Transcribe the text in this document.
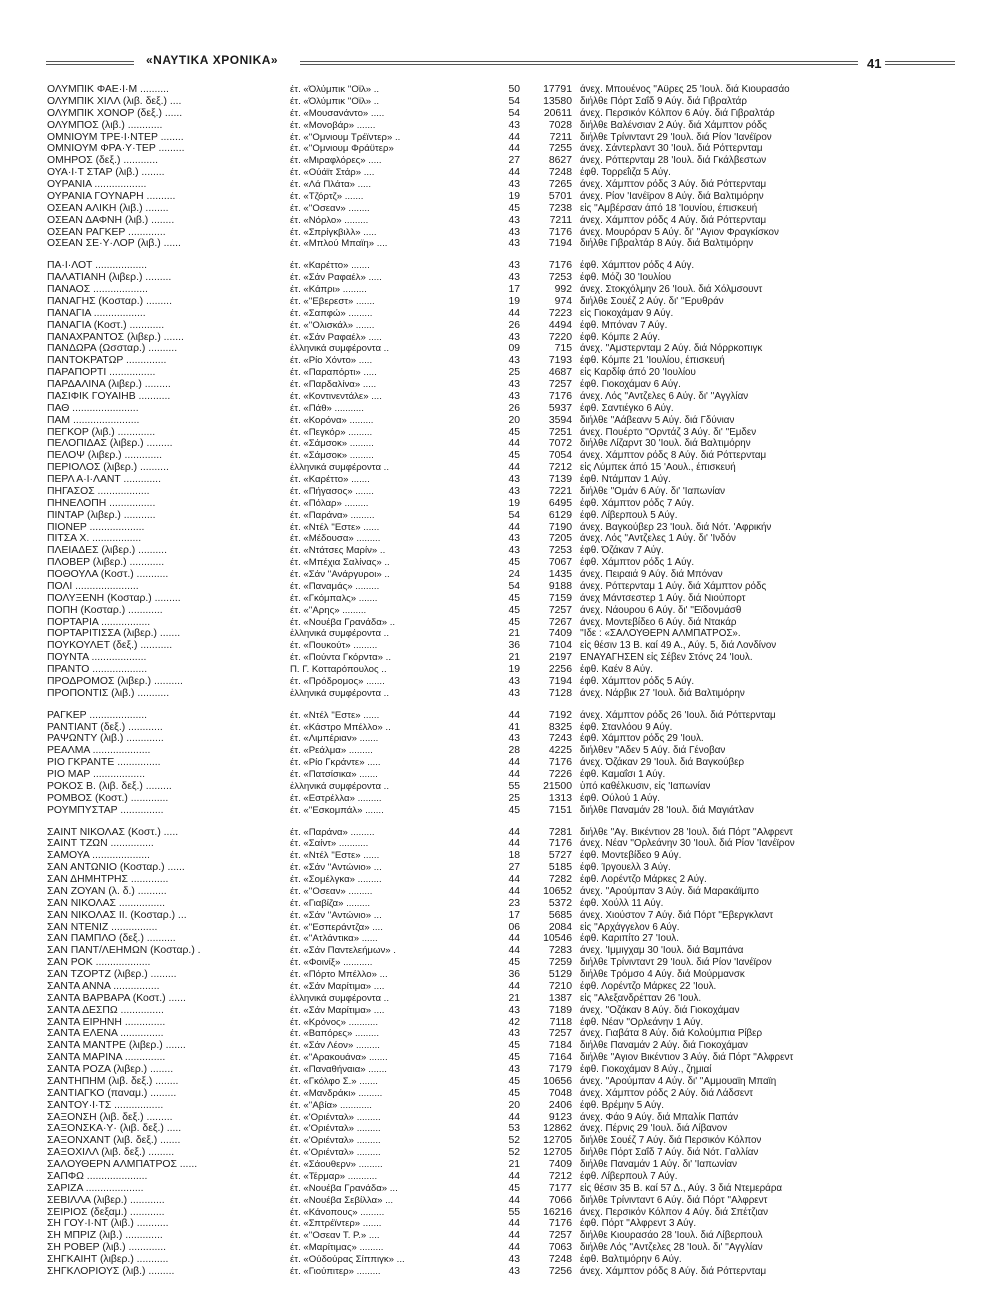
«ΝΑΥΤΙΚΑ ΧΡΟΝΙΚΑ»	41
ΟΛΥΜΠΙΚ ΦΑΕ·Ι·Μ ..........	έτ. «Όλύμπικ ''Οϊλ» ..	50	17791 άνεχ. Μπουένος ''Αϋρες 25 'Ιουλ. διά Κιουρασάο
ΟΛΥΜΠΙΚ ΧΙΛΛ (λιβ. δεξ.) ....	έτ. «Όλύμπικ ''Οϊλ» ..	54	13580 διήλθε Πόρτ Σαΐδ 9 Αύγ. διά Γιβραλτάρ
ΟΛΥΜΠΙΚ ΧΟΝΟΡ (δεξ.) ......	έτ. «Μουσανάντο» .....	54	20611 άνεχ. Περσικόν Κόλπον 6 Αύγ. διά Γιβραλτάρ
ΟΛΥΜΠΟΣ (λιβ.) ............	έτ. «Μονοβάρ» .......	43	7028 διήλθε Βαλένσιαν 2 Αύγ. διά Χάμπτον ρόδς
ΟΜΝΙΟΥΜ ΤΡΕ·Ι·ΝΤΕΡ ........	έτ. «''Ομνιουμ Τρέϊντερ» ..	44	7211 διήλθε Τρίνινταντ 29 'Ιουλ. διά Ρίον 'Ιανέϊρον
ΟΜΝΙΟΥΜ ΦΡΑ·Υ·ΤΕΡ .........	έτ. «''Ομνιουμ Φράϋτερ»	44	7255 άνεχ. Σάντερλαντ 30 'Ιουλ. διά Ρόττερνταμ
ΟΜΗΡΟΣ (δεξ.) ............	έτ. «Μιραφλόρες» .....	27	8627 άνεχ. Ρόττερνταμ 28 'Ιουλ. διά Γκάλβεστων
ΟΥΑ·Ι·Τ ΣΤΑΡ (λιβ.) ........	έτ. «Ούάϊτ Στάρ» ....	44	7248 έφθ. Τορρεΐιζα 5 Αύγ.
ΟΥΡΑΝΙΑ ..................	έτ. «Λά Πλάτα» .....	43	7265 άνεχ. Χάμπτον ρόδς 3 Αύγ. διά Ρόττερνταμ
ΟΥΡΑΝΙΑ ΓΟΥΝΑΡΗ ..........	έτ. «Τζόρτζ» .......	19	5701 άνεχ. Ρίον 'Ιανέϊρον 8 Αύγ. διά Βαλτιμόρην
ΟΣΕΑΝ ΑΛΙΚΗ (λιβ.) ........	έτ. «''Οσεαν» ........	45	7238 εἰς ''Αμβέρσαν άπό 18 'Ιουνίου, έπισκευή
ΟΣΕΑΝ ΔΑΦΝΗ (λιβ.) ........	έτ. «Νόρλο» .........	43	7211 άνεχ. Χάμπτον ρόδς 4 Αύγ. διά Ρόττερνταμ
ΟΣΕΑΝ ΡΑΓΚΕΡ .............	έτ. «Σπρίγκβιλλ» .....	43	7176 άνεχ. Μουρόραν 5 Αύγ. δι' ''Αγιον Φραγκίσκον
ΟΣΕΑΝ ΣΕ·Υ·ΛΟΡ (λιβ.) ......	έτ. «Μπλού Μπαϊη» ....	43	7194 διήλθε Γιβραλτάρ 8 Αύγ. διά Βαλτιμόρην
ΠΑ·Ι·ΛΟΤ ..................	έτ. «Καρέττο» .......	43	7176 έφθ. Χάμπτον ρόδς 4 Αύγ.
ΠΑΛΑΤΙΑΝΗ (λιβερ.) .........	έτ. «Σάν Ραφαέλ» .....	43	7253 έφθ. Μόζι 30 'Ιουλίου
ΠΑΝΑΟΣ ...................	έτ. «Κάπρι» .........	17	992 άνεχ. Στοκχόλμην 26 'Ιουλ. διά Χόλμσουντ
ΠΑΝΑΓΗΣ (Κοσταρ.) .........	έτ. «''Εβερεστ» .......	19	974 διήλθε Σουέζ 2 Αύγ. δι' ''Ερυθράν
ΠΑΝΑΓΙΑ ..................	έτ. «Σαπφώ» .........	44	7223 εἰς Γιοκοχάμαν 9 Αύγ.
ΠΑΝΑΓΙΑ (Κοστ.) ............	έτ. «''Ολισκάλ» .......	26	4494 έφθ. Μπόναν 7 Αύγ.
ΠΑΝΑΧΡΑΝΤΟΣ (λιβερ.) .......	έτ. «Σάν Ραφαέλ» .....	43	7220 έφθ. Κόμπε 2 Αύγ.
ΠΑΝΔΩΡΑ (Ωσσταρ.) ..........	ἑλληνικά συμφέροντα ..	09	715 άνεχ. ''Αμστερνταμ 2 Αύγ. διά Νόρρκοπιγκ
ΠΑΝΤΟΚΡΑΤΩΡ ..............	έτ. «Ρίο Χόντο» .....	43	7193 έφθ. Κόμπε 21 'Ιουλίου, έπισκευή
ΠΑΡΑΠΟΡΤΙ ................	έτ. «Παραπόρτι» .....	25	4687 εἰς Καρδίφ άπό 20 'Ιουλίου
ΠΑΡΔΑΛΙΝΑ (λιβερ.) .........	έτ. «Παρδαλίνα» .....	43	7257 έφθ. Γιοκοχάμαν 6 Αύγ.
ΠΑΣΙΦΙΚ ΓΟΥΑΙΗΒ ...........	έτ. «Κοντινεντάλε» ....	43	7176 άνεχ. Λός ''Αντζελες 6 Αύγ. δι' ''Αγγλίαν
ΠΑΘ .......................	έτ. «Πάθ» ...........	26	5937 έφθ. Σαντιέγκο 6 Αύγ.
ΠΑΜ .......................	έτ. «Κορόνα» .........	20	3594 διήλθε ''Αάβεανν 5 Αύγ. διά Γδύνιαν
ΠΕΓΚΟΡ (λιβ.) .............	έτ. «Πεγκόρ» .........	45	7251 άνεχ. Πουέρτο ''Ορντάζ 3 Αύγ. δι' ''Εμδεν
ΠΕΛΟΠΙΔΑΣ (λιβερ.) .........	έτ. «Σάμσοκ» .........	44	7072 διήλθε Λίζαρντ 30 'Ιουλ. διά Βαλτιμόρην
ΠΕΛΟΨ (λιβερ.) .............	έτ. «Σάμσοκ» .........	45	7054 άνεχ. Χάμπτον ρόδς 8 Αύγ. διά Ρόττερνταμ
ΠΕΡΙΟΛΟΣ (λιβερ.) ..........	ἑλληνικά συμφέροντα ..	44	7212 εἰς Λύμπεκ άπό 15 'Αουλ., έπισκευή
ΠΕΡΛ Α·Ι·ΛΑΝΤ .............	έτ. «Καρέττο» .......	43	7139 έφθ. Ντάμπαν 1 Αύγ.
ΠΗΓΑΣΟΣ ..................	έτ. «Πήγασος» .......	43	7221 διήλθε ''Ομάν 6 Αύγ. δι' 'Ιαπωνίαν
ΠΗΝΕΛΟΠΗ ................	έτ. «Πόλαρ» .........	19	6495 έφθ. Χάμπτον ρόδς 7 Αύγ.
ΠΙΝΤΑΡ (λιβερ.) ...........	έτ. «Παράνα» .........	54	6129 έφθ. Λίβερπουλ 5 Αύγ.
ΠΙΟΝΕΡ ...................	έτ. «Ντέλ ''Εστε» ......	44	7190 άνεχ. Βαγκούβερ 23 'Ιουλ. διά Νότ. 'Αφρικήν
ΠΙΤΣΑ Χ. .................	έτ. «Μέδουσα» .........	43	7205 άνεχ. Λός ''Αντζελες 1 Αύγ. δι' 'Ινδόν
ΠΛΕΙΑΔΕΣ (λιβερ.) ..........	έτ. «Ντάτσες Μαρίν» ..	43	7253 έφθ. Όζάκαν 7 Αύγ.
ΠΛΟΒΕΡ (λιβερ.) ............	έτ. «Μπέχια Σαλίνας» ..	45	7067 έφθ. Χάμπτον ρόδς 1 Αύγ.
ΠΟΘΟΥΛΑ (Κοστ.) ...........	έτ. «Σάν ''Ανάργυροι» ..	24	1435 άνεχ. Πειραιά 9 Αύγ. διά Μπόναν
ΠΟΛΙ ......................	έτ. «Παναμάς» .........	54	9188 άνεχ. Ρόττερνταμ 1 Αύγ. διά Χάμπτον ρόδς
ΠΟΛΥΞΕΝΗ (Κοσταρ.) .........	έτ. «Γκόμπαλς» .......	45	7159 άνεχ Μάντσεστερ 1 Αύγ. διά Νιούπορτ
ΠΟΠΗ (Κοσταρ.) ............	έτ. «''Αρης» .........	45	7257 άνεχ. Νάουρου 6 Αύγ. δι' ''Εϊδονμάσθ
ΠΟΡΤΑΡΙΑ .................	έτ. «Νουέβα Γρανάδα» ..	45	7267 άνεχ. Μοντεβίδεο 6 Αύγ. διά Ντακάρ
ΠΟΡΤΑΡΙΤΙΣΣΑ (λιβερ.) .......	ἑλληνικά συμφέροντα ..	21	7409 ''Ιδε : «ΣΑΛΟΥΘΕΡΝ ΑΛΜΠΑΤΡΟΣ».
ΠΟΥΚΟΥΛΕΤ (δεξ.) ...........	έτ. «Πουκούτ» .........	36	7104 εἰς θέσιν 13 Β. καί 49 Α., Αύγ. 5, διά Λονδίνον
ΠΟΥΝΤΑ ...................	έτ. «Πούντα Γκόρντα» ..	21	2197 ΕΝΑΥΑΓΗΣΕΝ εἰς Σέβεν Στόνς 24 'Ιουλ.
ΠΡΑΝΤΟ ...................	Π. Γ. Κοτταρόπουλος ..	19	2256 έφθ. Καέν 8 Αύγ.
ΠΡΟΔΡΟΜΟΣ (λιβερ.) ..........	έτ. «Πρόδρομος» .......	43	7194 έφθ. Χάμπτον ρόδς 5 Αύγ.
ΠΡΟΠΟΝΤΙΣ (λιβ.) ...........	ἑλληνικά συμφέροντα ..	43	7128 άνεχ. Νάρβικ 27 'Ιουλ. διά Βαλτιμόρην
ΡΑΓΚΕΡ ....................	έτ. «Ντέλ ''Εστε» ......	44	7192 άνεχ. Χάμπτον ρόδς 26 'Ιουλ. διά Ρόττερνταμ
ΡΑΝΤΙΑΝΤ (δεξ.) ............	έτ. «Κάστρο Μπέλλο» ..	41	8325 έφθ. Στανλόου 9 Αύγ.
ΡΑΨΩΝΤΥ (λιβ.) .............	έτ. «Λιμπέριαν» .......	43	7243 έφθ. Χάμπτον ρόδς 29 'Ιουλ.
ΡΕΑΛΜΑ ....................	έτ. «Ρεάλμα» .........	28	4225 διήλθεν ''Αδεν 5 Αύγ. διά Γένοβαν
ΡΙΟ ΓΚΡΑΝΤΕ ...............	έτ. «Ρίο Γκράντε» .....	44	7176 άνεχ. Όζάκαν 29 'Ιουλ. διά Βαγκούβερ
ΡΙΟ ΜΑΡ ..................	έτ. «Πατσίσικα» .......	44	7226 έφθ. Καμαΐσι 1 Αύγ.
ΡΟΚΟΣ Β. (λιβ. δεξ.) .........	ἑλληνικά συμφέροντα ..	55	21500 ὑπό καθέλκυσιν, εἰς 'Ιαπωνίαν
ΡΟΜΒΟΣ (Κοστ.) .............	έτ. «Εστρέλλα» .........	25	1313 έφθ. Ούλού 1 Αύγ.
ΡΟΥΜΠΥΣΤΑΡ ...............	έτ. «''Εσκομπάλ» .......	45	7151 διήλθε Παναμάν 28 'Ιουλ. διά Μαγιάτλαν
ΣΑΙΝΤ ΝΙΚΟΛΑΣ (Κοστ.) .....	έτ. «Παράνα» .........	44	7281 διήλθε ''Αγ. Βικέντιον 28 'Ιουλ. διά Πόρτ ''Αλφρεντ
ΣΑΙΝΤ ΤΖΩΝ ...............	έτ. «Σαίντ» ...........	44	7176 άνεχ. Νέαν ''Ορλεάνην 30 'Ιουλ. διά Ρίον 'Ιανέϊρον
ΣΑΜΟΥΑ ....................	έτ. «Ντέλ ''Εστε» ......	18	5727 έφθ. Μοντεβίδεο 9 Αύγ.
ΣΑΝ ΑΝΤΩΝΙΟ (Κοσταρ.) ......	έτ. «Σάν ''Αντώνιο» ...	27	5185 έφθ. Ίργουελλ 3 Αύγ.
ΣΑΝ ΔΗΜΗΤΡΗΣ .............	έτ. «Σομέλγκα» .........	44	7282 έφθ. Λορέντζο Μάρκες 2 Αύγ.
ΣΑΝ ΖΟΥΑΝ (λ. δ.) ..........	έτ. «''Οσεαν» .........	44	10652 άνεχ. ''Αρούμπαν 3 Αύγ. διά Μαρακάϊμπο
ΣΑΝ ΝΙΚΟΛΑΣ ................	έτ. «Γιαβίζα» .........	23	5372 έφθ. Χούλλ 11 Αύγ.
ΣΑΝ ΝΙΚΟΛΑΣ ΙΙ. (Κοσταρ.) ...	έτ. «Σάν ''Αντώνιο» ...	17	5685 άνεχ. Χιούστον 7 Αύγ. διά Πόρτ ''Εβεργκλαντ
ΣΑΝ ΝΤΕΝΙΖ ................	έτ. «''Εσπεράντζα» ....	06	2084 εἰς ''Αρχάγγελον 6 Αύγ.
ΣΑΝ ΠΑΜΠΛΟ (δεξ.) ..........	έτ. «''Ατλάντικα» ......	44	10546 έφθ. Καριπίτο 27 'Ιουλ.
ΣΑΝ ΠΑΝΤ/ΛΕΗΜΩΝ (Κοσταρ.) .	έτ. «Σάν Παντελεήμων» .	44	7283 άνεχ. 'Ιμμιγχαμ 30 'Ιουλ. διά Βαμπάνα
ΣΑΝ ΡΟΚ ...................	έτ. «Φοινίξ» ...........	45	7259 διήλθε Τρίνινταντ 29 'Ιουλ. διά Ρίον 'Ιανέϊρον
ΣΑΝ ΤΖΟΡΤΖ (λιβερ.) .........	έτ. «Πόρτο Μπέλλο» ...	36	5129 διήλθε Τρόμσο 4 Αύγ. διά Μούρμανσκ
ΣΑΝΤΑ ΑΝΝΑ ................	έτ. «Σάν Μαρίτιμα» ....	44	7210 έφθ. Λορέντζο Μάρκες 22 'Ιουλ.
ΣΑΝΤΑ ΒΑΡΒΑΡΑ (Κοστ.) ......	ἑλληνικά συμφέροντα ..	21	1387 εἰς ''Αλεξανδρέτταν 26 'Ιουλ.
ΣΑΝΤΑ ΔΕΣΠΩ ...............	έτ. «Σάν Μαρίτιμα» ....	43	7189 άνεχ. ''Οζάκαν 8 Αύγ. διά Γιοκοχάμαν
ΣΑΝΤΑ ΕΙΡΗΝΗ ..............	έτ. «Κρόνος» ...........	42	7118 έφθ. Νέαν ''Ορλεάνην 1 Αύγ.
ΣΑΝΤΑ ΕΛΕΝΑ ...............	έτ. «Βαπόρες» .........	43	7257 άνεχ. Γιαβάτα 8 Αύγ. διά Κολούμπια Ρίβερ
ΣΑΝΤΑ ΜΑΝΤΡΕ (λιβερ.) .......	έτ. «Σάν Λέον» .........	45	7184 διήλθε Παναμάν 2 Αύγ. διά Γιοκοχάμαν
ΣΑΝΤΑ ΜΑΡΙΝΑ ..............	έτ. «''Αρακουάνα» .......	45	7164 διήλθε ''Αγιον Βικέντιον 3 Αύγ. διά Πόρτ ''Αλφρεντ
ΣΑΝΤΑ ΡΟΖΑ (λιβερ.) ........	έτ. «Παναθήναια» .......	43	7179 έφθ. Γιοκοχάμαν 8 Αύγ., ζημιαί
ΣΑΝΤΗΠΗΜ (λιβ. δεξ.) ........	έτ. «Γκόλφο Σ.» .......	45	10656 άνεχ. ''Αρούμπαν 4 Αύγ. δι' ''Αμμουαϊη Μπαϊη
ΣΑΝΤΙΑΓΚΟ (παναμ.) .........	έτ. «Μανδράκι» .........	45	7048 άνεχ. Χάμπτον ρόδς 2 Αύγ. διά Λάδσεντ
ΣΑΝΤΟΥ·Ι·ΤΣ .................	έτ. «''Αβία» ............	20	2406 έφθ. Βρέμην 5 Αύγ.
ΣΑΞΟΝΣΗ (λιβ. δεξ.) .........	έτ. «'Οριένταλ» .........	44	9123 άνεχ. Φάο 9 Αύγ. διά Μπαλίκ Παπάν
ΣΑΞΟΝΣΚΑ·Υ· (λιβ. δεξ.) .....	έτ. «'Οριένταλ» .........	53	12862 άνεχ. Πέρνις 29 'Ιουλ. διά Λίβανον
ΣΑΞΟΝΧΑΝΤ (λιβ. δεξ.) .......	έτ. «'Οριένταλ» .........	52	12705 διήλθε Σουέζ 7 Αύγ. διά Περσικόν Κόλπον
ΣΑΞΟΧΙΛΛ (λιβ. δεξ.) .........	έτ. «'Οριένταλ» .........	52	12705 διήλθε Πόρτ Σαΐδ 7 Αύγ. διά Νότ. Γαλλίαν
ΣΑΛΟΥΘΕΡΝ ΑΛΜΠΑΤΡΟΣ ......	έτ. «Σάουθερν» .........	21	7409 διήλθε Παναμάν 1 Αύγ. δι' 'Ιαπωνίαν
ΣΑΠΦΩ .....................	έτ. «Τέρμαρ» ...........	44	7212 έφθ. Λίβερπουλ 7 Αύγ.
ΣΑΡΙΖΑ ....................	έτ. «Νουέβα Γρανάδα» ...	45	7177 εἰς θέσιν 35 Β. καί 57 Δ., Αύγ. 3 διά Ντεμεράρα
ΣΕΒΙΛΛΑ (λιβερ.) ............	έτ. «Νουέβα Σεβίλλα» ...	44	7066 διήλθε Τρίνινταντ 6 Αύγ. διά Πόρτ ''Αλφρεντ
ΣΕΙΡΙΟΣ (δεξαμ.) ............	έτ. «Κάνοπους» .........	55	16216 άνεχ. Περσικόν Κόλπον 4 Αύγ. διά Σπέτζιαν
ΣΗ ΓΟΥ·Ι·ΝΤ (λιβ.) ...........	έτ. «Σπτρέϊντερ» .......	44	7176 έφθ. Πόρτ ''Αλφρεντ 3 Αύγ.
ΣΗ ΜΠΡΙΖ (λιβ.) .............	έτ. «''Οσεαν Τ. Ρ.» ....	44	7257 διήλθε Κιουρασάο 28 'Ιουλ. διά Λίβερπουλ
ΣΗ ΡΟΒΕΡ (λιβ.) .............	έτ. «Μαρίτιμας» .........	44	7063 διήλθε Λός ''Αντζελες 28 'Ιουλ. δι' ''Αγγλίαν
ΣΗΓΚΑΙΗΤ (λιβερ.) ...........	έτ. «Ούδούρας Σίππιγκ» ...	43	7248 έφθ. Βαλτιμόρην 6 Αύγ.
ΣΗΓΚΛΟΡΙΟΥΣ (λιβ.) .........	έτ. «Γιούπιτερ» .........	43	7256 άνεχ. Χάμπτον ρόδς 8 Αύγ. διά Ρόττερνταμ
